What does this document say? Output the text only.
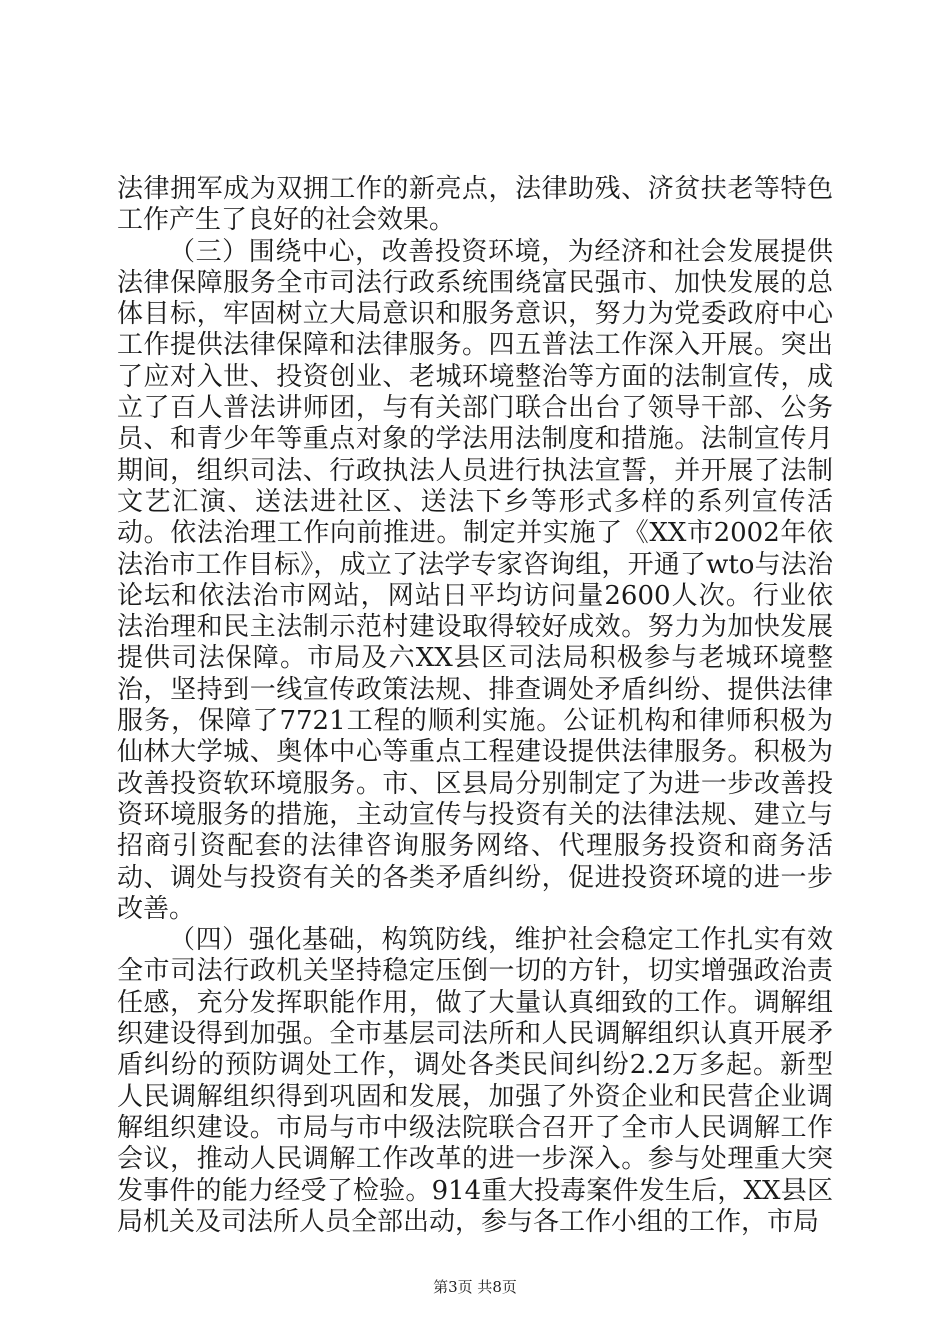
法律拥军成为双拥工作的新亮点，法律助残、济贫扶老等特色工作产生了良好的社会效果。

（三）围绕中心，改善投资环境，为经济和社会发展提供法律保障服务全市司法行政系统围绕富民强市、加快发展的总体目标，牢固树立大局意识和服务意识，努力为党委政府中心工作提供法律保障和法律服务。四五普法工作深入开展。突出了应对入世、投资创业、老城环境整治等方面的法制宣传，成立了百人普法讲师团，与有关部门联合出台了领导干部、公务员、和青少年等重点对象的学法用法制度和措施。法制宣传月期间，组织司法、行政执法人员进行执法宣誓，并开展了法制文艺汇演、送法进社区、送法下乡等形式多样的系列宣传活动。依法治理工作向前推进。制定并实施了《XX市2002年依法治市工作目标》，成立了法学专家咨询组，开通了wto与法治论坛和依法治市网站，网站日平均访问量2600人次。行业依法治理和民主法制示范村建设取得较好成效。努力为加快发展提供司法保障。市局及六XX县区司法局积极参与老城环境整治，坚持到一线宣传政策法规、排查调处矛盾纠纷、提供法律服务，保障了7721工程的顺利实施。公证机构和律师积极为仙林大学城、奥体中心等重点工程建设提供法律服务。积极为改善投资软环境服务。市、区县局分别制定了为进一步改善投资环境服务的措施，主动宣传与投资有关的法律法规、建立与招商引资配套的法律咨询服务网络、代理服务投资和商务活动、调处与投资有关的各类矛盾纠纷，促进投资环境的进一步改善。

（四）强化基础，构筑防线，维护社会稳定工作扎实有效全市司法行政机关坚持稳定压倒一切的方针，切实增强政治责任感，充分发挥职能作用，做了大量认真细致的工作。调解组织建设得到加强。全市基层司法所和人民调解组织认真开展矛盾纠纷的预防调处工作，调处各类民间纠纷2.2万多起。新型人民调解组织得到巩固和发展，加强了外资企业和民营企业调解组织建设。市局与市中级法院联合召开了全市人民调解工作会议，推动人民调解工作改革的进一步深入。参与处理重大突发事件的能力经受了检验。914重大投毒案件发生后，XX县区局机关及司法所人员全部出动，参与各工作小组的工作，市局

第3页 共8页
